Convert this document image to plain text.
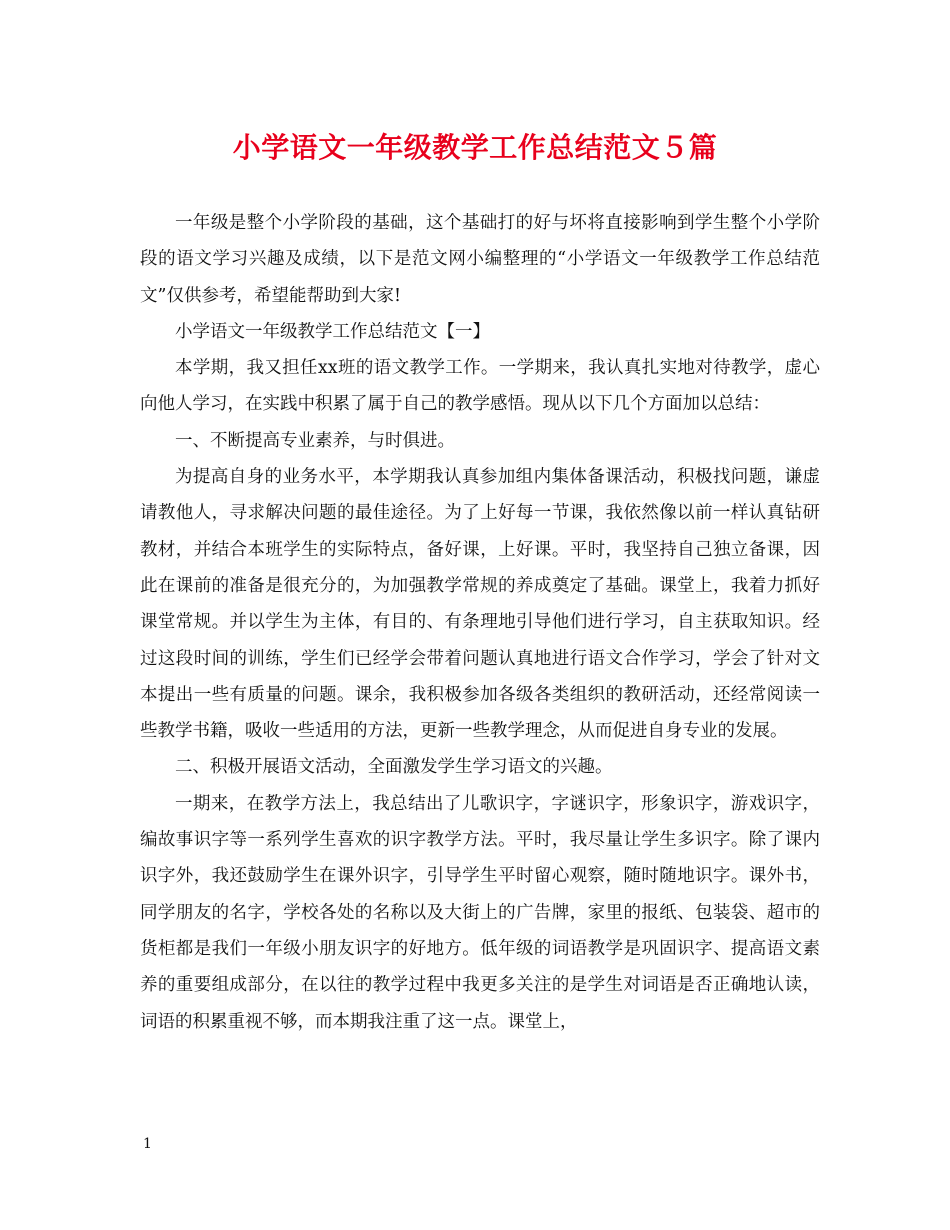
小学语文一年级教学工作总结范文５篇

一年级是整个小学阶段的基础，这个基础打的好与坏将直接影响到学生整个小学阶段的语文学习兴趣及成绩，以下是范文网小编整理的“小学语文一年级教学工作总结范文”仅供参考，希望能帮助到大家!

小学语文一年级教学工作总结范文【一】

本学期，我又担任xx班的语文教学工作。一学期来，我认真扎实地对待教学，虚心向他人学习，在实践中积累了属于自己的教学感悟。现从以下几个方面加以总结：

一、不断提高专业素养，与时俱进。

为提高自身的业务水平，本学期我认真参加组内集体备课活动，积极找问题，谦虚请教他人，寻求解决问题的最佳途径。为了上好每一节课，我依然像以前一样认真钻研教材，并结合本班学生的实际特点，备好课，上好课。平时，我坚持自己独立备课，因此在课前的准备是很充分的，为加强教学常规的养成奠定了基础。课堂上，我着力抓好课堂常规。并以学生为主体，有目的、有条理地引导他们进行学习，自主获取知识。经过这段时间的训练，学生们已经学会带着问题认真地进行语文合作学习，学会了针对文本提出一些有质量的问题。课余，我积极参加各级各类组织的教研活动，还经常阅读一些教学书籍，吸收一些适用的方法，更新一些教学理念，从而促进自身专业的发展。

二、积极开展语文活动，全面激发学生学习语文的兴趣。

一期来，在教学方法上，我总结出了儿歌识字，字谜识字，形象识字，游戏识字，编故事识字等一系列学生喜欢的识字教学方法。平时，我尽量让学生多识字。除了课内识字外，我还鼓励学生在课外识字，引导学生平时留心观察，随时随地识字。课外书，同学朋友的名字，学校各处的名称以及大街上的广告牌，家里的报纸、包装袋、超市的货柜都是我们一年级小朋友识字的好地方。低年级的词语教学是巩固识字、提高语文素养的重要组成部分，在以往的教学过程中我更多关注的是学生对词语是否正确地认读，词语的积累重视不够，而本期我注重了这一点。课堂上，

1
